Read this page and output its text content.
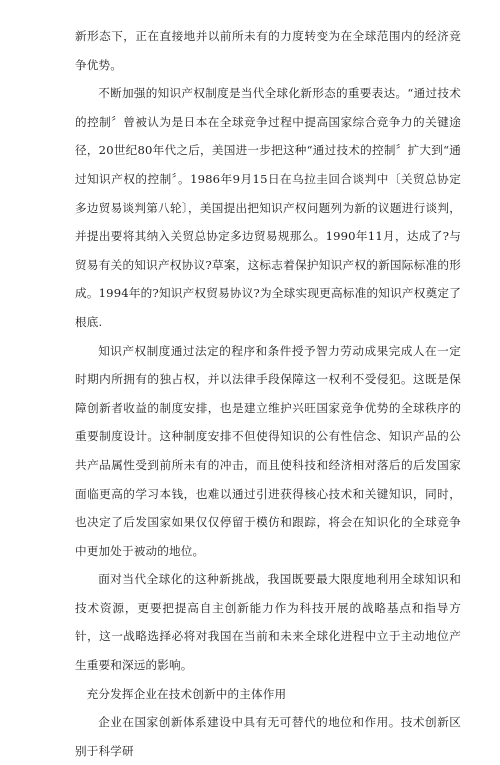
新形态下，正在直接地并以前所未有的力度转变为在全球范围内的经济竞争优势。

不断加强的知识产权制度是当代全球化新形态的重要表达。“通过技术的控制〞曾被认为是日本在全球竞争过程中提高国家综合竞争力的关键途径，20世纪80年代之后，美国进一步把这种“通过技术的控制〞扩大到“通过知识产权的控制〞。1986年9月15日在乌拉圭回合谈判中〔关贸总协定多边贸易谈判第八轮〕，美国提出把知识产权问题列为新的议题进行谈判，并提出要将其纳入关贸总协定多边贸易规那么。1990年11月，达成了?与贸易有关的知识产权协议?草案，这标志着保护知识产权的新国际标准的形成。1994年的?知识产权贸易协议?为全球实现更高标准的知识产权奠定了根底.

知识产权制度通过法定的程序和条件授予智力劳动成果完成人在一定时期内所拥有的独占权，并以法律手段保障这一权利不受侵犯。这既是保障创新者收益的制度安排，也是建立维护兴旺国家竞争优势的全球秩序的重要制度设计。这种制度安排不但使得知识的公有性信念、知识产品的公共产品属性受到前所未有的冲击，而且使科技和经济相对落后的后发国家面临更高的学习本钱，也难以通过引进获得核心技术和关键知识，同时，也决定了后发国家如果仅仅停留于模仿和跟踪，将会在知识化的全球竞争中更加处于被动的地位。

面对当代全球化的这种新挑战，我国既要最大限度地利用全球知识和技术资源，更要把提高自主创新能力作为科技开展的战略基点和指导方针，这一战略选择必将对我国在当前和未来全球化进程中立于主动地位产生重要和深远的影响。

充分发挥企业在技术创新中的主体作用

企业在国家创新体系建设中具有无可替代的地位和作用。技术创新区别于科学研
